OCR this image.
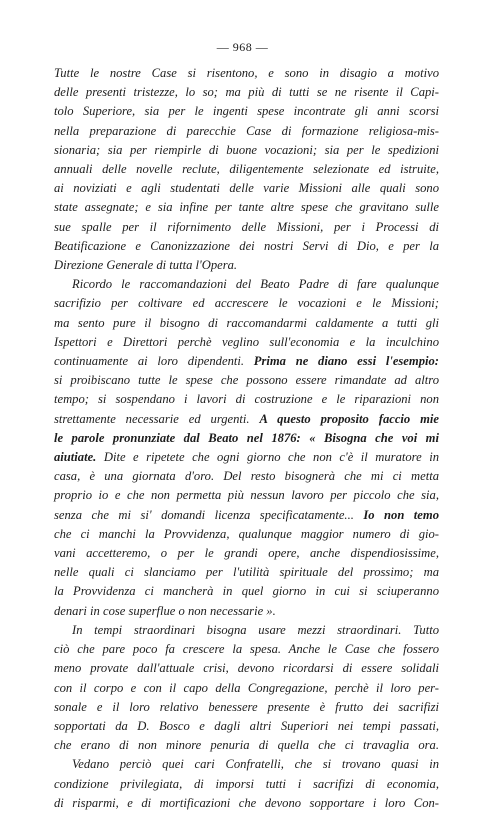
— 968 —
Tutte le nostre Case si risentono, e sono in disagio a motivo
delle presenti tristezze, lo so; ma più di tutti se ne risente il Capi-
tolo Superiore, sia per le ingenti spese incontrate gli anni scorsi
nella preparazione di parecchie Case di formazione religiosa-mis-
sionaria; sia per riempirle di buone vocazioni; sia per le spedizioni
annuali delle novelle reclute, diligentemente selezionate ed istruite,
ai noviziati e agli studentati delle varie Missioni alle quali sono
state assegnate; e sia infine per tante altre spese che gravitano sulle
sue spalle per il rifornimento delle Missioni, per i Processi di
Beatificazione e Canonizzazione dei nostri Servi di Dio, e per la
Direzione Generale di tutta l'Opera.
Ricordo le raccomandazioni del Beato Padre di fare qualunque
sacrifizio per coltivare ed accrescere le vocazioni e le Missioni;
ma sento pure il bisogno di raccomandarmi caldamente a tutti gli
Ispettori e Direttori perchè veglino sull'economia e la inculchino
continuamente ai loro dipendenti. Prima ne diano essi l'esempio:
si proibiscano tutte le spese che possono essere rimandate ad altro
tempo; si sospendano i lavori di costruzione e le riparazioni non
strettamente necessarie ed urgenti. A questo proposito faccio mie
le parole pronunziate dal Beato nel 1876: « Bisogna che voi mi
aiutiate. Dite e ripetete che ogni giorno che non c'è il muratore in
casa, è una giornata d'oro. Del resto bisognerà che mi ci metta
proprio io e che non permetta più nessun lavoro per piccolo che sia,
senza che mi si' domandi licenza specificatamente... Io non temo
che ci manchi la Provvidenza, qualunque maggior numero di gio-
vani accetteremo, o per le grandi opere, anche dispendiosissime,
nelle quali ci slanciamo per l'utilità spirituale del prossimo; ma
la Provvidenza ci mancherà in quel giorno in cui si sciuperanno
denari in cose superflue o non necessarie ».
In tempi straordinari bisogna usare mezzi straordinari. Tutto
ciò che pare poco fa crescere la spesa. Anche le Case che fossero
meno provate dall'attuale crisi, devono ricordarsi di essere solidali
con il corpo e con il capo della Congregazione, perchè il loro per-
sonale e il loro relativo benessere presente è frutto dei sacrifizi
sopportati da D. Bosco e dagli altri Superiori nei tempi passati,
che erano di non minore penuria di quella che ci travaglia ora.
Vedano perciò quei cari Confratelli, che si trovano quasi in
condizione privilegiata, di imporsi tutti i sacrifizi di economia,
di risparmi, e di mortificazioni che devono sopportare i loro Con-
